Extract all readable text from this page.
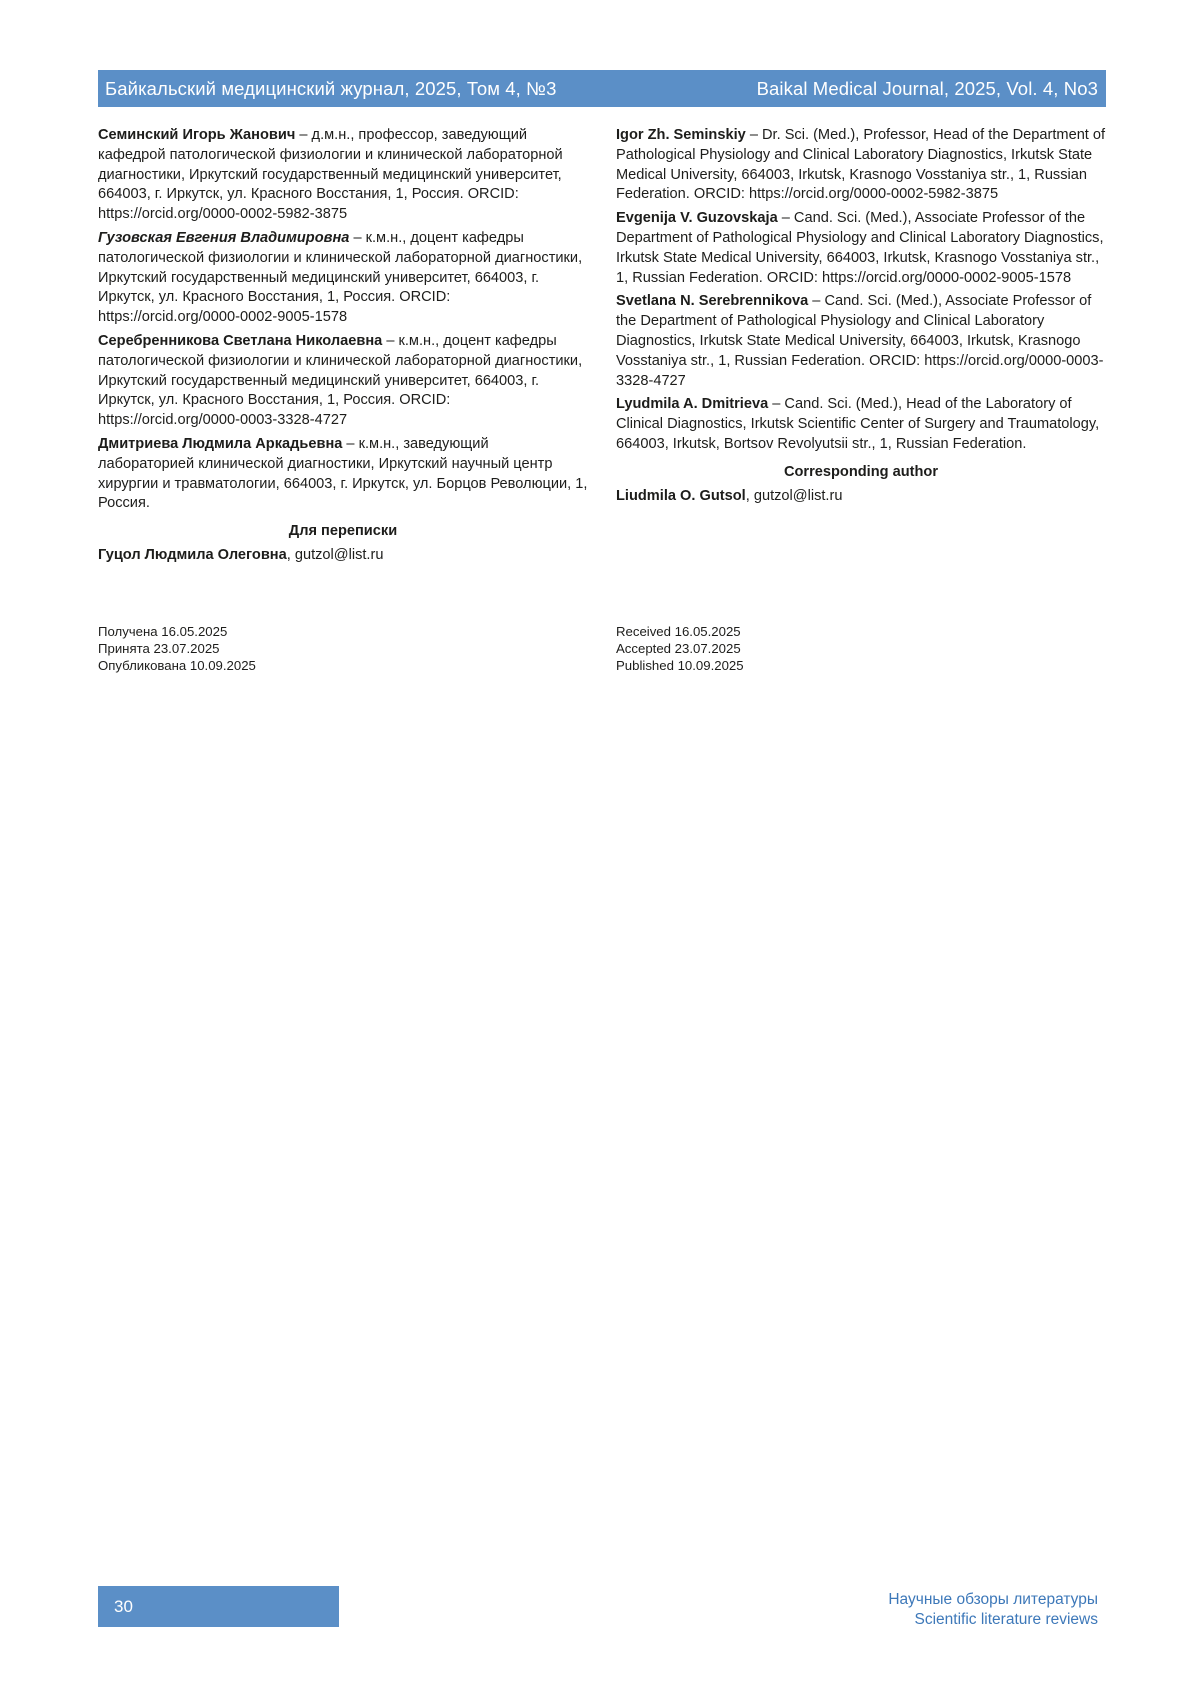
Байкальский медицинский журнал, 2025, Том 4, №3	Baikal Medical Journal, 2025, Vol. 4, No3

Семинский Игорь Жанович – д.м.н., профессор, заведующий кафедрой патологической физиологии и клинической лабораторной диагностики, Иркутский государственный медицинский университет, 664003, г. Иркутск, ул. Красного Восстания, 1, Россия. ORCID: https://orcid.org/0000-0002-5982-3875

Гузовская Евгения Владимировна – к.м.н., доцент кафедры патологической физиологии и клинической лабораторной диагностики, Иркутский государственный медицинский университет, 664003, г. Иркутск, ул. Красного Восстания, 1, Россия. ORCID: https://orcid.org/0000-0002-9005-1578

Серебренникова Светлана Николаевна – к.м.н., доцент кафедры патологической физиологии и клинической лабораторной диагностики, Иркутский государственный медицинский университет, 664003, г. Иркутск, ул. Красного Восстания, 1, Россия. ORCID: https://orcid.org/0000-0003-3328-4727

Дмитриева Людмила Аркадьевна – к.м.н., заведующий лабораторией клинической диагностики, Иркутский научный центр хирургии и травматологии, 664003, г. Иркутск, ул. Борцов Революции, 1, Россия.

Для переписки

Гуцол Людмила Олеговна, gutzol@list.ru

Igor Zh. Seminskiy – Dr. Sci. (Med.), Professor, Head of the Department of Pathological Physiology and Clinical Laboratory Diagnostics, Irkutsk State Medical University, 664003, Irkutsk, Krasnogo Vosstaniya str., 1, Russian Federation. ORCID: https://orcid.org/0000-0002-5982-3875

Evgenija V. Guzovskaja – Cand. Sci. (Med.), Associate Professor of the Department of Pathological Physiology and Clinical Laboratory Diagnostics, Irkutsk State Medical University, 664003, Irkutsk, Krasnogo Vosstaniya str., 1, Russian Federation. ORCID: https://orcid.org/0000-0002-9005-1578

Svetlana N. Serebrennikova – Cand. Sci. (Med.), Associate Professor of the Department of Pathological Physiology and Clinical Laboratory Diagnostics, Irkutsk State Medical University, 664003, Irkutsk, Krasnogo Vosstaniya str., 1, Russian Federation. ORCID: https://orcid.org/0000-0003-3328-4727

Lyudmila A. Dmitrieva – Cand. Sci. (Med.), Head of the Laboratory of Clinical Diagnostics, Irkutsk Scientific Center of Surgery and Traumatology, 664003, Irkutsk, Bortsov Revolyutsii str., 1, Russian Federation.

Corresponding author

Liudmila O. Gutsol, gutzol@list.ru

Получена 16.05.2025
Принята 23.07.2025
Опубликована 10.09.2025
Received 16.05.2025
Accepted 23.07.2025
Published 10.09.2025
30	Научные обзоры литературы
Scientific literature reviews
